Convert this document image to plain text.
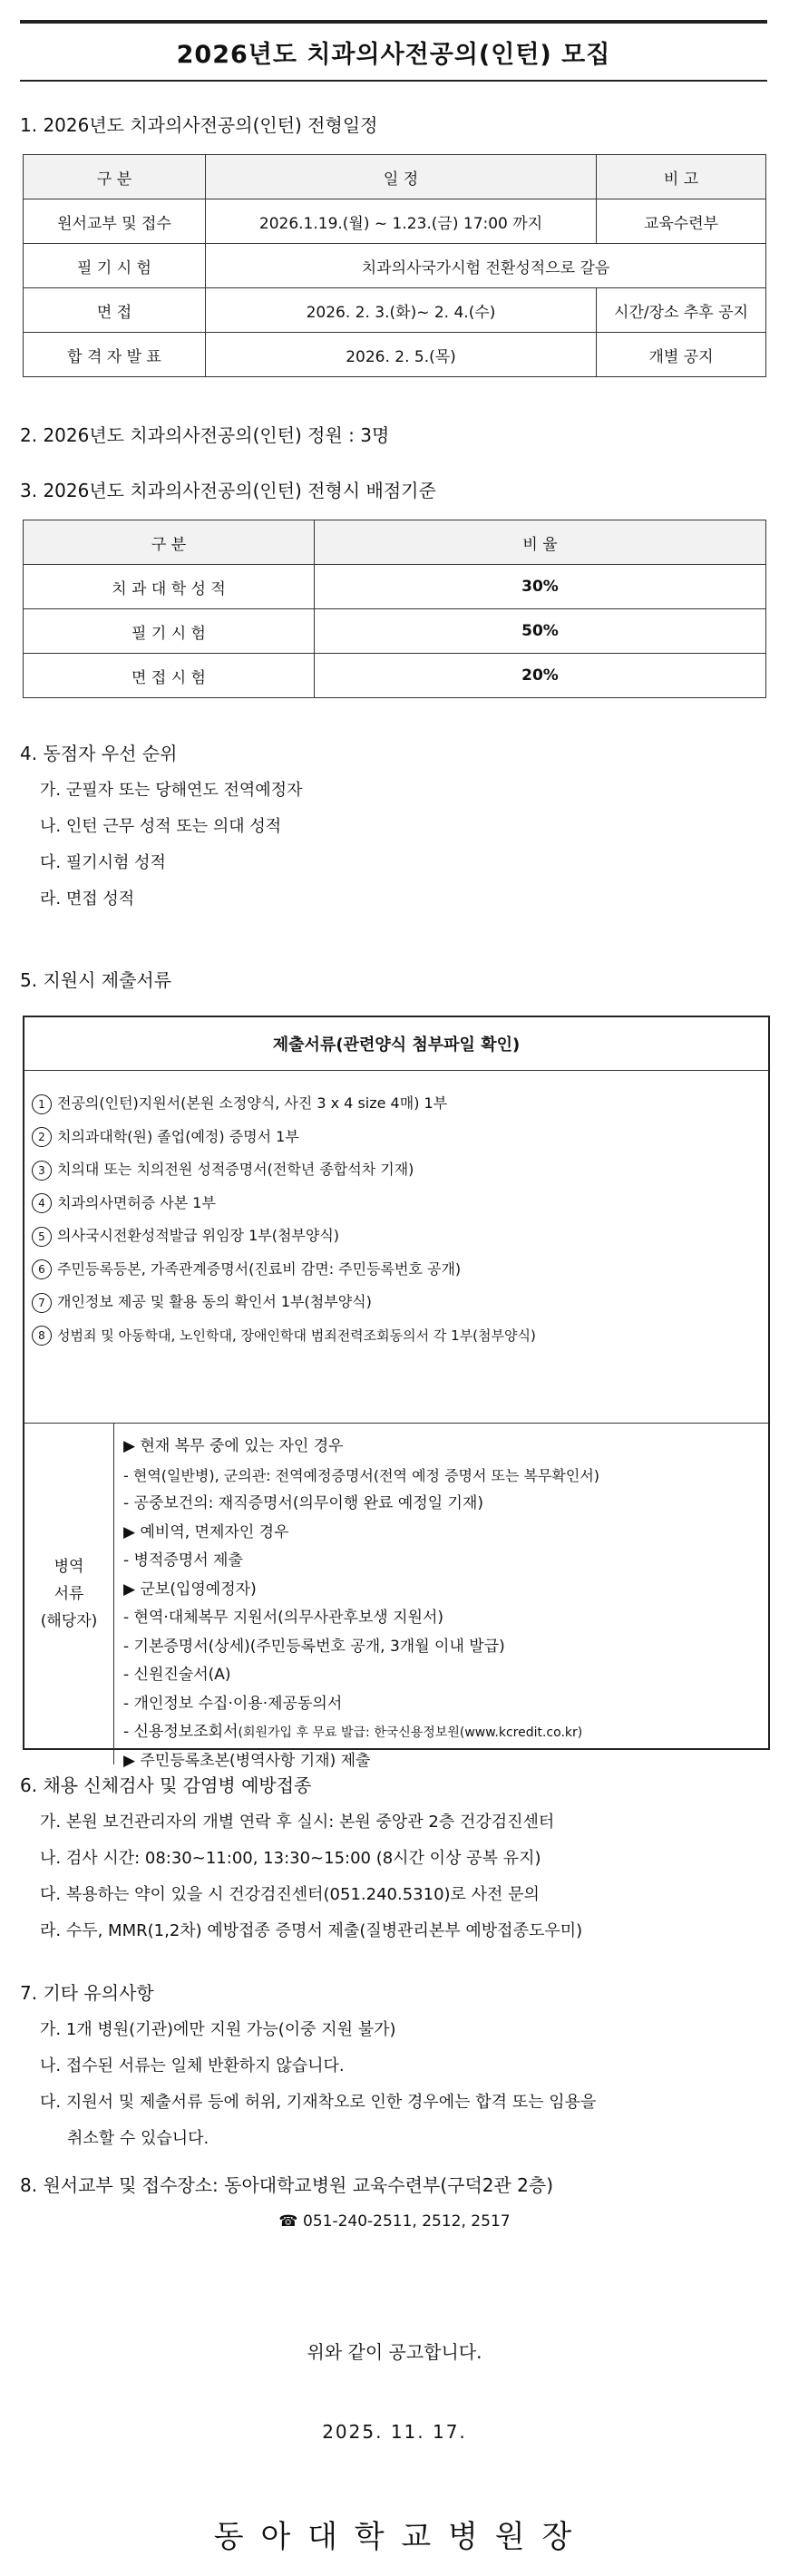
2026년도 치과의사전공의(인턴) 모집
1. 2026년도 치과의사전공의(인턴) 전형일정
구 분	일 정	비 고
원서교부 및 접수	2026.1.19.(월) ~ 1.23.(금) 17:00 까지	교육수련부
필 기 시 험	치과의사국가시험 전환성적으로 갈음	
면 접	2026. 2. 3.(화)~ 2. 4.(수)	시간/장소 추후 공지
합 격 자 발 표	2026. 2. 5.(목)	개별 공지
2. 2026년도 치과의사전공의(인턴) 정원 : 3명
3. 2026년도 치과의사전공의(인턴) 전형시 배점기준
구 분	비 율
치 과 대 학 성 적	30%
필 기 시 험	50%
면 접 시 험	20%
4. 동점자 우선 순위
가. 군필자 또는 당해연도 전역예정자
나. 인턴 근무 성적 또는 의대 성적
다. 필기시험 성적
라. 면접 성적
5. 지원시 제출서류
제출서류(관련양식 첨부파일 확인)
1 전공의(인턴)지원서(본원 소정양식, 사진 3 x 4 size 4매) 1부
2 치의과대학(원) 졸업(예정) 증명서 1부
3 치의대 또는 치의전원 성적증명서(전학년 종합석차 기재)
4 치과의사면허증 사본 1부
5 의사국시전환성적발급 위임장 1부(첨부양식)
6 주민등록등본, 가족관계증명서(진료비 감면: 주민등록번호 공개)
7 개인정보 제공 및 활용 동의 확인서 1부(첨부양식)
8 성범죄 및 아동학대, 노인학대, 장애인학대 범죄전력조회동의서 각 1부(첨부양식)
병역
서류
(해당자)
▶ 현재 복무 중에 있는 자인 경우
- 현역(일반병), 군의관: 전역예정증명서(전역 예정 증명서 또는 복무확인서)
- 공중보건의: 재직증명서(의무이행 완료 예정일 기재)
▶ 예비역, 면제자인 경우
- 병적증명서 제출
▶ 군보(입영예정자)
- 현역·대체복무 지원서(의무사관후보생 지원서)
- 기본증명서(상세)(주민등록번호 공개, 3개월 이내 발급)
- 신원진술서(A)
- 개인정보 수집·이용·제공동의서
- 신용정보조회서(회원가입 후 무료 발급: 한국신용정보원(www.kcredit.co.kr)
▶ 주민등록초본(병역사항 기재) 제출
6. 채용 신체검사 및 감염병 예방접종
가. 본원 보건관리자의 개별 연락 후 실시: 본원 중앙관 2층 건강검진센터
나. 검사 시간: 08:30~11:00, 13:30~15:00 (8시간 이상 공복 유지)
다. 복용하는 약이 있을 시 건강검진센터(051.240.5310)로 사전 문의
라. 수두, MMR(1,2차) 예방접종 증명서 제출(질병관리본부 예방접종도우미)
7. 기타 유의사항
가. 1개 병원(기관)에만 지원 가능(이중 지원 불가)
나. 접수된 서류는 일체 반환하지 않습니다.
다. 지원서 및 제출서류 등에 허위, 기재착오로 인한 경우에는 합격 또는 임용을
취소할 수 있습니다.
8. 원서교부 및 접수장소: 동아대학교병원 교육수련부(구덕2관 2층)
☎ 051-240-2511, 2512, 2517
위와 같이 공고합니다.
2025. 11. 17.
동 아 대 학 교 병 원 장
